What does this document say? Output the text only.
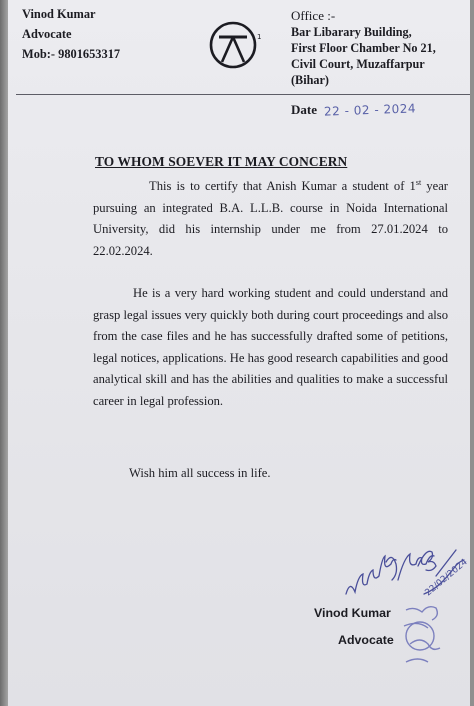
Vinod Kumar
Advocate
Mob:- 9801653317
1
Office :-
Bar Libarary Building,
First Floor Chamber No 21,
Civil Court, Muzaffarpur
(Bihar)
Date 22 - 02 - 2024
TO WHOM SOEVER IT MAY CONCERN
This is to certify that Anish Kumar a student of 1st year pursuing an integrated B.A. L.L.B. course in Noida International University, did his internship under me from 27.01.2024 to 22.02.2024.
He is a very hard working student and could understand and grasp legal issues very quickly both during court proceedings and also from the case files and he has successfully drafted some of petitions, legal notices, applications. He has good research capabilities and good analytical skill and has the abilities and qualities to make a successful career in legal profession.
Wish him all success in life.
22/02/2024
Vinod Kumar
Advocate
